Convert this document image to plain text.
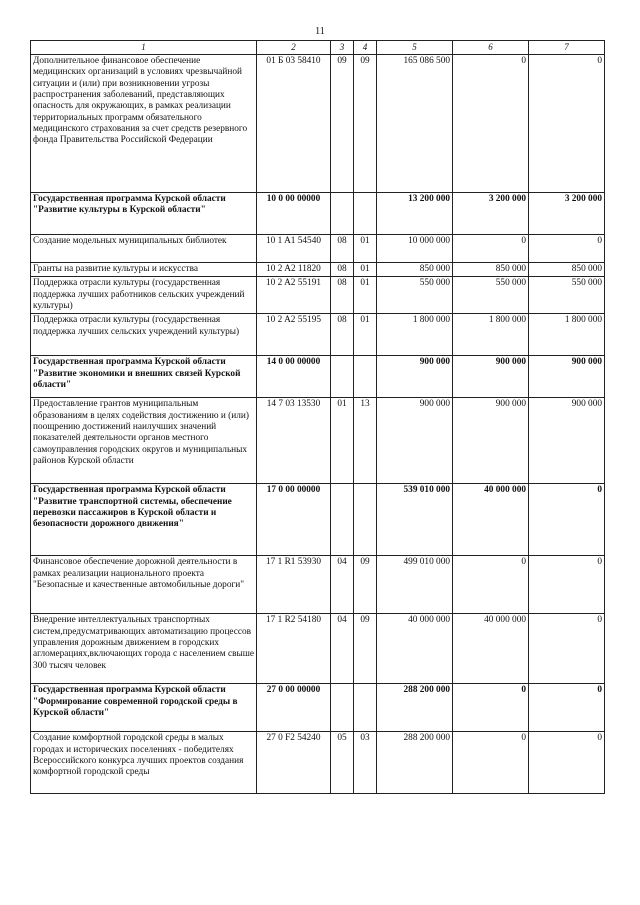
11
1	2	3	4	5	6	7
Дополнительное финансовое обеспечение медицинских организаций в условиях чрезвычайной ситуации и (или) при возникновении угрозы распространения заболеваний, представляющих опасность для окружающих, в рамках реализации территориальных программ обязательного медицинского страхования за счет средств резервного фонда Правительства Российской Федерации	01 Б 03 58410	09	09	165 086 500	0	0
Государственная программа Курской области "Развитие культуры в Курской области"	10 0 00 00000			13 200 000	3 200 000	3 200 000
Создание модельных муниципальных библиотек	10 1 A1 54540	08	01	10 000 000	0	0
Гранты на развитие культуры и искусства	10 2 A2 11820	08	01	850 000	850 000	850 000
Поддержка отрасли культуры (государственная поддержка лучших работников сельских учреждений культуры)	10 2 A2 55191	08	01	550 000	550 000	550 000
Поддержка отрасли культуры (государственная поддержка лучших сельских учреждений культуры)	10 2 A2 55195	08	01	1 800 000	1 800 000	1 800 000
Государственная программа Курской области "Развитие экономики и внешних связей Курской области"	14 0 00 00000			900 000	900 000	900 000
Предоставление грантов муниципальным образованиям в целях содействия достижению и (или) поощрению достижений наилучших значений показателей деятельности органов местного самоуправления городских округов и муниципальных районов Курской области	14 7 03 13530	01	13	900 000	900 000	900 000
Государственная программа Курской области "Развитие транспортной системы, обеспечение перевозки пассажиров в Курской области и безопасности дорожного движения"	17 0 00 00000			539 010 000	40 000 000	0
Финансовое обеспечение дорожной деятельности в рамках реализации национального проекта "Безопасные и качественные автомобильные дороги"	17 1 R1 53930	04	09	499 010 000	0	0
Внедрение интеллектуальных транспортных систем,предусматривающих автоматизацию процессов управления дорожным движением в городских агломерациях,включающих города с населением свыше 300 тысяч человек	17 1 R2 54180	04	09	40 000 000	40 000 000	0
Государственная программа Курской области "Формирование современной городской среды в Курской области"	27 0 00 00000			288 200 000	0	0
Создание комфортной городской среды в малых городах и исторических поселениях - победителях Всероссийского конкурса лучших проектов создания комфортной городской среды	27 0 F2 54240	05	03	288 200 000	0	0
